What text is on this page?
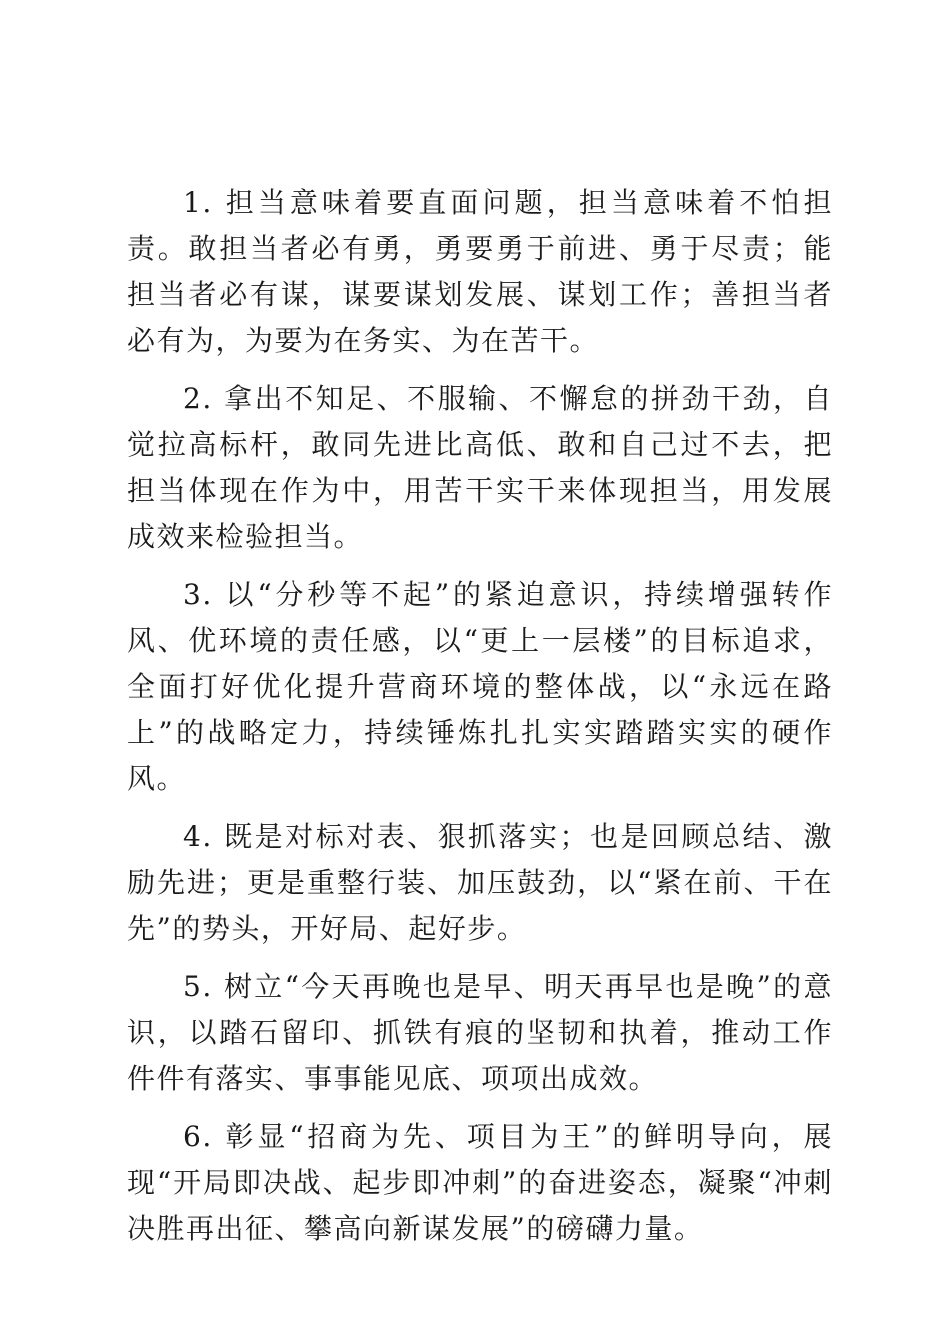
1. 担当意味着要直面问题，担当意味着不怕担责。敢担当者必有勇，勇要勇于前进、勇于尽责；能担当者必有谋，谋要谋划发展、谋划工作；善担当者必有为，为要为在务实、为在苦干。

2. 拿出不知足、不服输、不懈怠的拼劲干劲，自觉拉高标杆，敢同先进比高低、敢和自己过不去，把担当体现在作为中，用苦干实干来体现担当，用发展成效来检验担当。

3. 以“分秒等不起”的紧迫意识，持续增强转作风、优环境的责任感，以“更上一层楼”的目标追求，全面打好优化提升营商环境的整体战，以“永远在路上”的战略定力，持续锤炼扎扎实实踏踏实实的硬作风。

4. 既是对标对表、狠抓落实；也是回顾总结、激励先进；更是重整行装、加压鼓劲，以“紧在前、干在先”的势头，开好局、起好步。

5. 树立“今天再晚也是早、明天再早也是晚”的意识，以踏石留印、抓铁有痕的坚韧和执着，推动工作件件有落实、事事能见底、项项出成效。

6. 彰显“招商为先、项目为王”的鲜明导向，展现“开局即决战、起步即冲刺”的奋进姿态，凝聚“冲刺决胜再出征、攀高向新谋发展”的磅礴力量。
